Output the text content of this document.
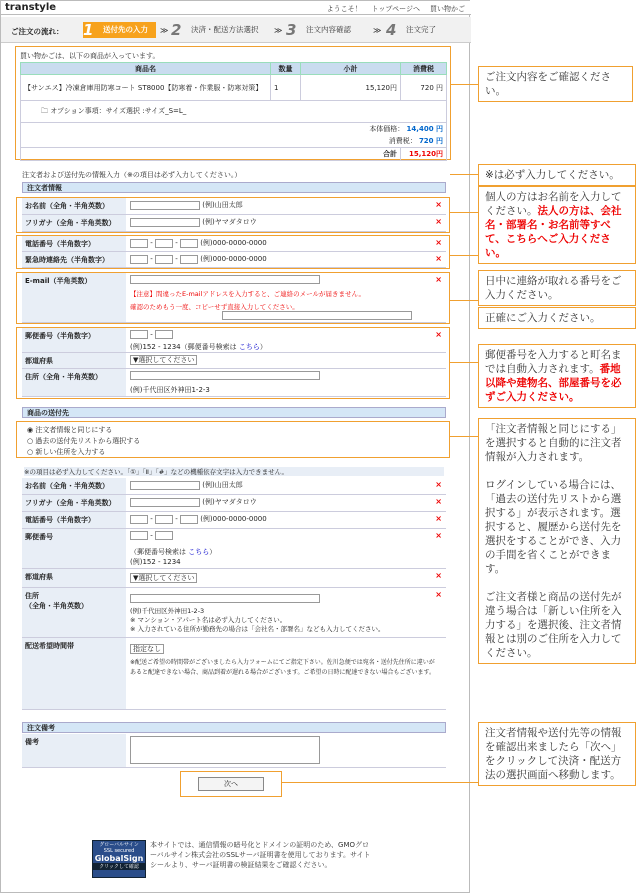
transtyle	ようこそ！ トップページへ 買い物かご
ご注文の流れ： 1	送付先の入力	≫ 2	決済・配送方法選択 ≫ 3	注文内容確認	≫ 4	注文完了
買い物かごは、以下の商品が入っています。
商品名	数量	小計	消費税
【サンエス】冷凍倉庫用防寒コート ST8000【防寒着・作業服・防寒対策】	1	15,120円	720 円
🗀 オプション事項：サイズ選択 :サイズ_S=L_			
本体価格： 14,400 円			
消費税： 720 円			
合計			15,120円
注文者および送付先の情報入力（※の項目は必ず入力してください。）
注文者情報
お名前（全角・半角英数）	×
(例)山田太郎
フリガナ（全角・半角英数）	×
(例)ヤマダタロウ
電話番号（半角数字）	×
-	-	(例)000-0000-0000
緊急時連絡先（半角数字）	×
-	-	(例)000-0000-0000
E-mail（半角英数）	×
【注意】間違ったE-mailアドレスを入力すると、ご連絡のメールが届きません。
確認のためもう一度、コピーせず直接入力してください。
郵便番号（半角数字）	×
-
(例)152 - 1234（郵便番号検索は こちら）
都道府県	▼選択してください
住所（全角・半角英数）
(例)千代田区外神田1-2-3
商品の送付先
◉ 注文者情報と同じにする
○ 過去の送付先リストから選択する
○ 新しい住所を入力する
※の項目は必ず入力してください。「①」「Ⅱ」「#」などの機種依存文字は入力できません。
お名前（全角・半角英数）	×
(例)山田太郎
フリガナ（全角・半角英数）	×
(例)ヤマダタロウ
電話番号（半角数字）	×
-	-	(例)000-0000-0000
郵便番号	×
-
（郵便番号検索は こちら）
(例)152 - 1234
都道府県	×
▼選択してください
住所
（全角・半角英数）
×
(例)千代田区外神田1-2-3
※ マンション・アパート名は必ず入力してください。
※ 入力されている住所が勤務先の場合は「会社名・部署名」なども入力してください。
配送希望時間帯	指定なし
※配送ご希望の時間帯がございましたら入力フォームにてご指定下さい。佐川急便では宛名・送付先住所に違いがあると配達できない場合、商品到着が遅れる場合がございます。ご希望の日時に配達できない場合もございます。
注文備考
備考
次へ
グローバルサイン
SSL secured
GlobalSign
クリックして確認
本サイトでは、通信情報の暗号化とドメインの証明のため、GMOグローバルサイン株式会社のSSLサーバ証明書を使用しております。サイトシールより、サーバ証明書の検証結果をご確認ください。
ご注文内容をご確認ください。
※は必ず入力してください。
個人の方はお名前を入力してください。法人の方は、会社名・部署名・お名前等すべて、こちらへご入力ください。
日中に連絡が取れる番号をご入力ください。
正確にご入力ください。
郵便番号を入力すると町名までは自動入力されます。番地以降や建物名、部屋番号を必ずご入力ください。
「注文者情報と同じにする」を選択すると自動的に注文者情報が入力されます。
ログインしている場合には、「過去の送付先リストから選択する」が表示されます。選択すると、履歴から送付先を選択をすることができ、入力の手間を省くことができます。
ご注文者様と商品の送付先が違う場合は「新しい住所を入力する」を選択後、注文者情報とは別のご住所を入力してください。
注文者情報や送付先等の情報を確認出来ましたら「次へ」をクリックして決済・配送方法の選択画面へ移動します。
